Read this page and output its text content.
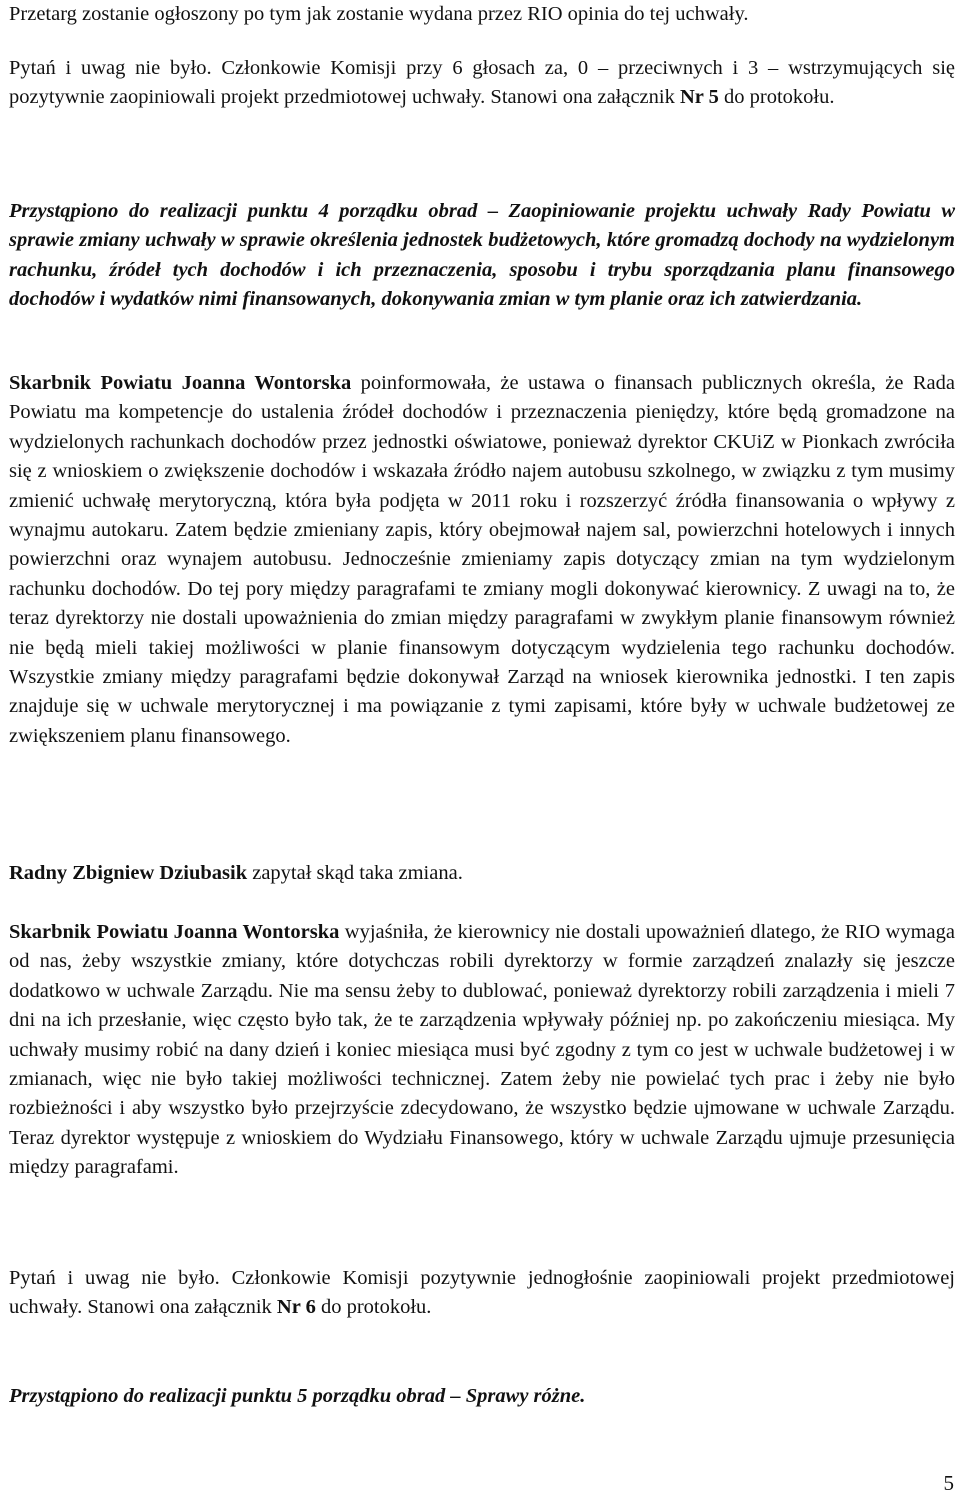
Przetarg zostanie ogłoszony po tym jak zostanie wydana przez RIO opinia do tej uchwały.

Pytań i uwag nie było. Członkowie Komisji przy 6 głosach za, 0 – przeciwnych i 3 – wstrzymujących się pozytywnie zaopiniowali projekt przedmiotowej uchwały. Stanowi ona załącznik Nr 5 do protokołu.

Przystąpiono do realizacji punktu 4 porządku obrad – Zaopiniowanie projektu uchwały Rady Powiatu w sprawie zmiany uchwały w sprawie określenia jednostek budżetowych, które gromadzą dochody na wydzielonym rachunku, źródeł tych dochodów i ich przeznaczenia, sposobu i trybu sporządzania planu finansowego dochodów i wydatków nimi finansowanych, dokonywania zmian w tym planie oraz ich zatwierdzania.

Skarbnik Powiatu Joanna Wontorska poinformowała, że ustawa o finansach publicznych określa, że Rada Powiatu ma kompetencje do ustalenia źródeł dochodów i przeznaczenia pieniędzy, które będą gromadzone na wydzielonych rachunkach dochodów przez jednostki oświatowe, ponieważ dyrektor CKUiZ w Pionkach zwróciła się z wnioskiem o zwiększenie dochodów i wskazała źródło najem autobusu szkolnego, w związku z tym musimy zmienić uchwałę merytoryczną, która była podjęta w 2011 roku i rozszerzyć źródła finansowania o wpływy z wynajmu autokaru. Zatem będzie zmieniany zapis, który obejmował najem sal, powierzchni hotelowych i innych powierzchni oraz wynajem autobusu. Jednocześnie zmieniamy zapis dotyczący zmian na tym wydzielonym rachunku dochodów. Do tej pory między paragrafami te zmiany mogli dokonywać kierownicy. Z uwagi na to, że teraz dyrektorzy nie dostali upoważnienia do zmian między paragrafami w zwykłym planie finansowym również nie będą mieli takiej możliwości w planie finansowym dotyczącym wydzielenia tego rachunku dochodów. Wszystkie zmiany między paragrafami będzie dokonywał Zarząd na wniosek kierownika jednostki. I ten zapis znajduje się w uchwale merytorycznej i ma powiązanie z tymi zapisami, które były w uchwale budżetowej ze zwiększeniem planu finansowego.

Radny Zbigniew Dziubasik zapytał skąd taka zmiana.

Skarbnik Powiatu Joanna Wontorska wyjaśniła, że kierownicy nie dostali upoważnień dlatego, że RIO wymaga od nas, żeby wszystkie zmiany, które dotychczas robili dyrektorzy w formie zarządzeń znalazły się jeszcze dodatkowo w uchwale Zarządu. Nie ma sensu żeby to dublować, ponieważ dyrektorzy robili zarządzenia i mieli 7 dni na ich przesłanie, więc często było tak, że te zarządzenia wpływały później np. po zakończeniu miesiąca. My uchwały musimy robić na dany dzień i koniec miesiąca musi być zgodny z tym co jest w uchwale budżetowej i w zmianach, więc nie było takiej możliwości technicznej. Zatem żeby nie powielać tych prac i żeby nie było rozbieżności i aby wszystko było przejrzyście zdecydowano, że wszystko będzie ujmowane w uchwale Zarządu. Teraz dyrektor występuje z wnioskiem do Wydziału Finansowego, który w uchwale Zarządu ujmuje przesunięcia między paragrafami.

Pytań i uwag nie było. Członkowie Komisji pozytywnie jednogłośnie zaopiniowali projekt przedmiotowej uchwały. Stanowi ona załącznik Nr 6 do protokołu.

Przystąpiono do realizacji punktu 5 porządku obrad – Sprawy różne.

5
